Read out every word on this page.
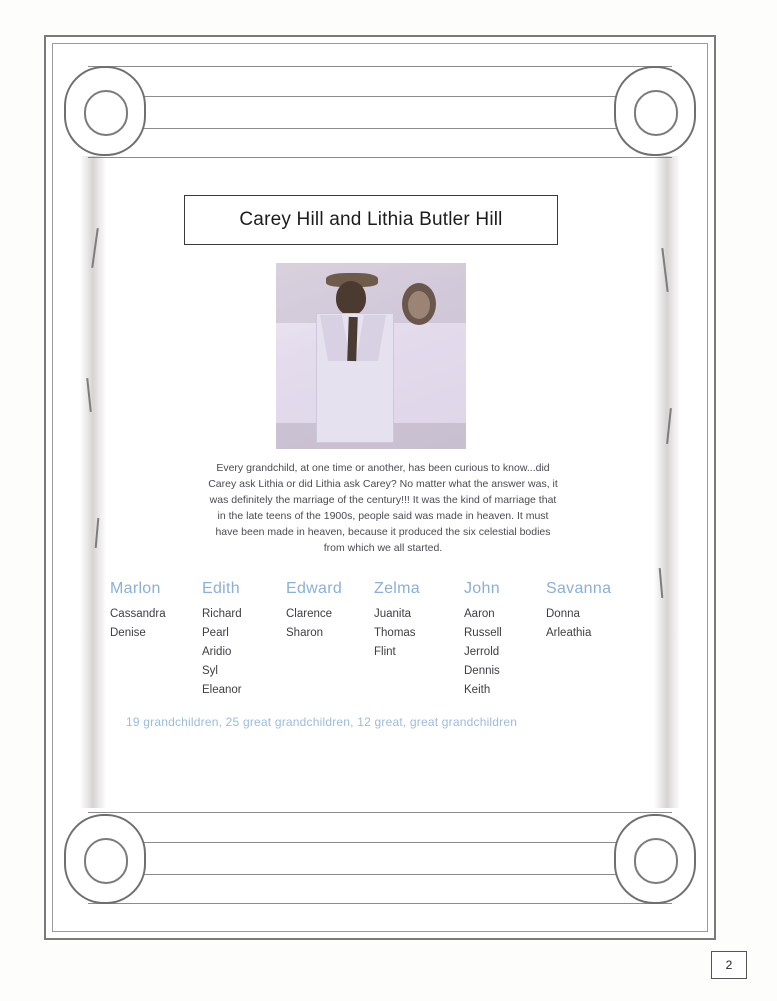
Carey Hill and Lithia Butler Hill
Every grandchild, at one time or another, has been curious to know...did Carey ask Lithia or did Lithia ask Carey? No matter what the answer was, it was definitely the marriage of the century!!! It was the kind of marriage that in the late teens of the 1900s, people said was made in heaven. It must have been made in heaven, because it produced the six celestial bodies from which we all started.
Marlon
Cassandra
Denise
Edith
Richard
Pearl
Aridio
Syl
Eleanor
Edward
Clarence
Sharon
Zelma
Juanita
Thomas
Flint
John
Aaron
Russell
Jerrold
Dennis
Keith
Savanna
Donna
Arleathia
19 grandchildren, 25 great grandchildren, 12 great, great grandchildren
2
